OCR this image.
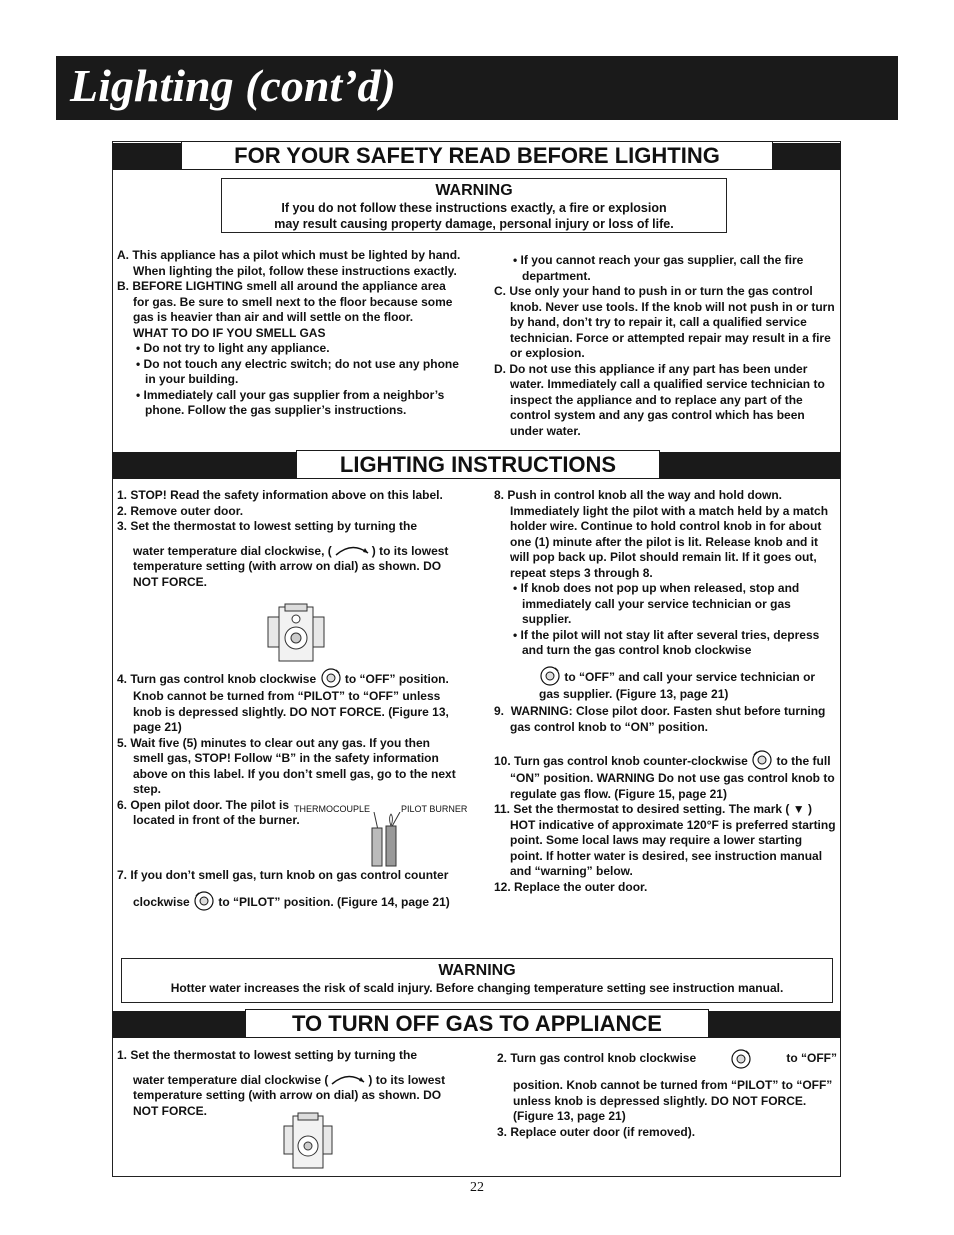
Lighting (cont’d)
FOR YOUR SAFETY READ BEFORE LIGHTING
WARNING
If you do not follow these instructions exactly, a fire or explosion
may result causing property damage, personal injury or loss of life.

A. This appliance has a pilot which must be lighted by hand. When lighting the pilot, follow these instructions exactly.

B. BEFORE LIGHTING smell all around the appliance area for gas. Be sure to smell next to the floor because some gas is heavier than air and will settle on the floor.

WHAT TO DO IF YOU SMELL GAS

• Do not try to light any appliance.

• Do not touch any electric switch; do not use any phone in your building.

• Immediately call your gas supplier from a neighbor’s phone. Follow the gas supplier’s instructions.

• If you cannot reach your gas supplier, call the fire department.

C. Use only your hand to push in or turn the gas control knob. Never use tools. If the knob will not push in or turn by hand, don’t try to repair it, call a qualified service technician. Force or attempted repair may result in a fire or explosion.

D. Do not use this appliance if any part has been under water. Immediately call a qualified service technician to inspect the appliance and to replace any part of the control system and any gas control which has been under water.

LIGHTING INSTRUCTIONS

1. STOP! Read the safety information above on this label.

2. Remove outer door.

3. Set the thermostat to lowest setting by turning the

water temperature dial clockwise, (	) to its lowest temperature setting (with arrow on dial) as shown. DO NOT FORCE.

4. Turn gas control knob clockwise to “OFF” position. Knob cannot be turned from “PILOT” to “OFF” unless knob is depressed slightly. DO NOT FORCE. (Figure 13, page 21)

5. Wait five (5) minutes to clear out any gas. If you then smell gas, STOP! Follow “B” in the safety information above on this label. If you don’t smell gas, go to the next step.

6. Open pilot door. The pilot is located in front of the burner.

THERMOCOUPLE	PILOT BURNER

7. If you don’t smell gas, turn knob on gas control counter

clockwise to “PILOT” position. (Figure 14, page 21)

8. Push in control knob all the way and hold down. Immediately light the pilot with a match held by a match holder wire. Continue to hold control knob in for about one (1) minute after the pilot is lit. Release knob and it will pop back up. Pilot should remain lit. If it goes out, repeat steps 3 through 8.

• If knob does not pop up when released, stop and immediately call your service technician or gas supplier.

• If the pilot will not stay lit after several tries, depress and turn the gas control knob clockwise

to “OFF” and call your service technician or gas supplier. (Figure 13, page 21)

9. WARNING: Close pilot door. Fasten shut before turning gas control knob to “ON” position.

10. Turn gas control knob counter-clockwise to the full “ON” position. WARNING Do not use gas control knob to regulate gas flow. (Figure 15, page 21)

11. Set the thermostat to desired setting. The mark ( ▼ ) HOT indicative of approximate 120°F is preferred starting point. Some local laws may require a lower starting point. If hotter water is desired, see instruction manual and “warning” below.

12. Replace the outer door.

WARNING
Hotter water increases the risk of scald injury. Before changing temperature setting see instruction manual.
TO TURN OFF GAS TO APPLIANCE

1. Set the thermostat to lowest setting by turning the

water temperature dial clockwise (	) to its lowest temperature setting (with arrow on dial) as shown. DO NOT FORCE.

2. Turn gas control knob clockwise	to “OFF”

position. Knob cannot be turned from “PILOT” to “OFF” unless knob is depressed slightly. DO NOT FORCE. (Figure 13, page 21)

3. Replace outer door (if removed).

22
